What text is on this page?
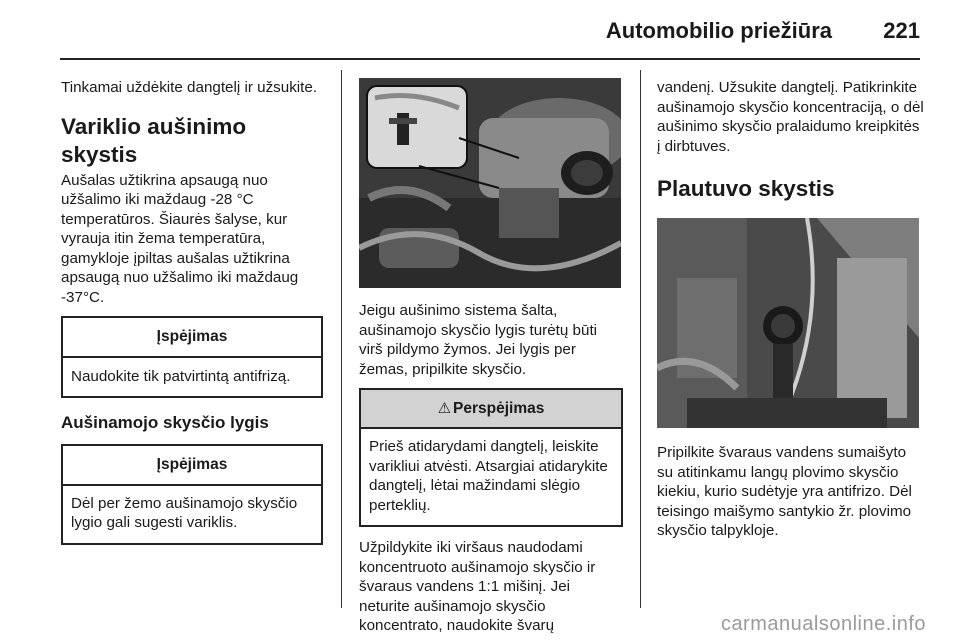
Automobilio priežiūra 221

Tinkamai uždėkite dangtelį ir užsukite.

Variklio aušinimo skystis

Aušalas užtikrina apsaugą nuo užšalimo iki maždaug -28 °C temperatūros. Šiaurės šalyse, kur vyrauja itin žema temperatūra, gamykloje įpiltas aušalas užtikrina apsaugą nuo užšalimo iki maždaug -37°C.

Įspėjimas
Naudokite tik patvirtintą antifrizą.
Aušinamojo skysčio lygis
Įspėjimas
Dėl per žemo aušinamojo skysčio lygio gali sugesti variklis.

Jeigu aušinimo sistema šalta, aušinamojo skysčio lygis turėtų būti virš pildymo žymos. Jei lygis per žemas, pripilkite skysčio.

⚠ Perspėjimas
Prieš atidarydami dangtelį, leiskite varikliui atvėsti. Atsargiai atidarykite dangtelį, lėtai mažindami slėgio perteklių.

Užpildykite iki viršaus naudodami koncentruoto aušinamojo skysčio ir švaraus vandens 1:1 mišinį. Jei neturite aušinamojo skysčio koncentrato, naudokite švarų

vandenį. Užsukite dangtelį. Patikrinkite aušinamojo skysčio koncentraciją, o dėl aušinimo skysčio pralaidumo kreipkitės į dirbtuves.

Plautuvo skystis

Pripilkite švaraus vandens sumaišyto su atitinkamu langų plovimo skysčio kiekiu, kurio sudėtyje yra antifrizo. Dėl teisingo maišymo santykio žr. plovimo skysčio talpykloje.

carmanualsonline.info
